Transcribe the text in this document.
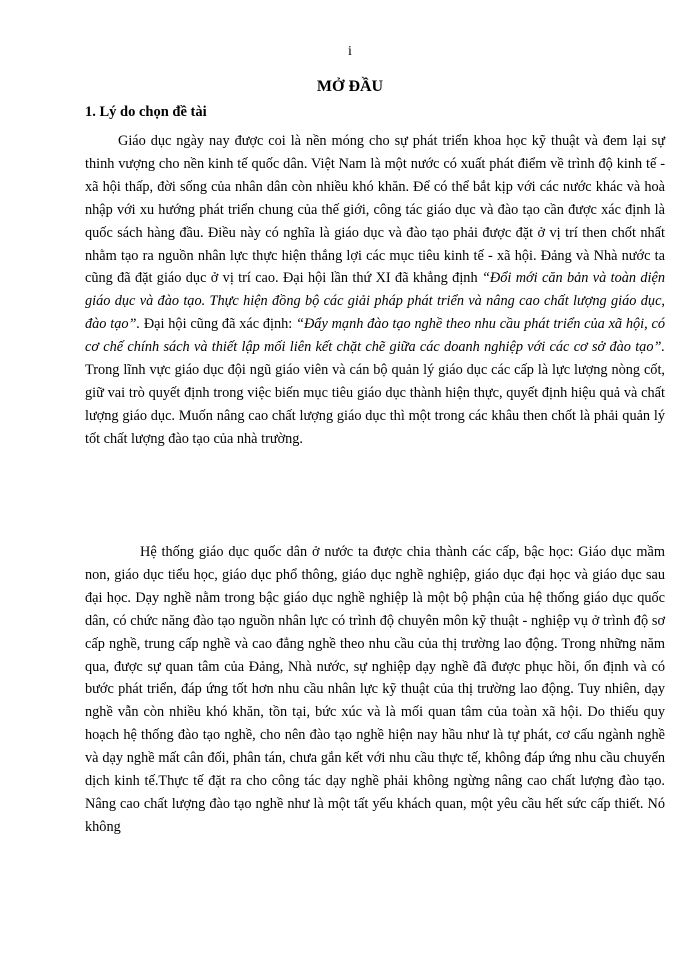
i
MỞ ĐẦU
1. Lý do chọn đề tài

Giáo dục ngày nay được coi là nền móng cho sự phát triển khoa học kỹ thuật và đem lại sự thinh vượng cho nền kinh tế quốc dân. Việt Nam là một nước có xuất phát điểm về trình độ kinh tế - xã hội thấp, đời sống của nhân dân còn nhiều khó khăn. Để có thể bắt kịp với các nước khác và hoà nhập với xu hướng phát triển chung của thế giới, công tác giáo dục và đào tạo cần được xác định là quốc sách hàng đầu. Điều này có nghĩa là giáo dục và đào tạo phải được đặt ở vị trí then chốt nhất nhằm tạo ra nguồn nhân lực thực hiện thắng lợi các mục tiêu kinh tế - xã hội. Đảng và Nhà nước ta cũng đã đặt giáo dục ở vị trí cao. Đại hội lần thứ XI đã khẳng định “Đổi mới căn bản và toàn diện giáo dục và đào tạo. Thực hiện đồng bộ các giải pháp phát triển và nâng cao chất lượng giáo dục, đào tạo”. Đại hội cũng đã xác định: “Đẩy mạnh đào tạo nghề theo nhu cầu phát triển của xã hội, có cơ chế chính sách và thiết lập mối liên kết chặt chẽ giữa các doanh nghiệp với các cơ sở đào tạo”. Trong lĩnh vực giáo dục đội ngũ giáo viên và cán bộ quản lý giáo dục các cấp là lực lượng nòng cốt, giữ vai trò quyết định trong việc biến mục tiêu giáo dục thành hiện thực, quyết định hiệu quả và chất lượng giáo dục. Muốn nâng cao chất lượng giáo dục thì một trong các khâu then chốt là phải quản lý tốt chất lượng đào tạo của nhà trường.

Hệ thống giáo dục quốc dân ở nước ta được chia thành các cấp, bậc học: Giáo dục mầm non, giáo dục tiểu học, giáo dục phổ thông, giáo dục nghề nghiệp, giáo dục đại học và giáo dục sau đại học. Dạy nghề nằm trong bậc giáo dục nghề nghiệp là một bộ phận của hệ thống giáo dục quốc dân, có chức năng đào tạo nguồn nhân lực có trình độ chuyên môn kỹ thuật - nghiệp vụ ở trình độ sơ cấp nghề, trung cấp nghề và cao đẳng nghề theo nhu cầu của thị trường lao động. Trong những năm qua, được sự quan tâm của Đảng, Nhà nước, sự nghiệp dạy nghề đã được phục hồi, ổn định và có bước phát triển, đáp ứng tốt hơn nhu cầu nhân lực kỹ thuật của thị trường lao động. Tuy nhiên, dạy nghề vẫn còn nhiều khó khăn, tồn tại, bức xúc và là mối quan tâm của toàn xã hội. Do thiếu quy hoạch hệ thống đào tạo nghề, cho nên đào tạo nghề hiện nay hầu như là tự phát, cơ cấu ngành nghề và dạy nghề mất cân đối, phân tán, chưa gắn kết với nhu cầu thực tế, không đáp ứng nhu cầu chuyển dịch kinh tế.Thực tế đặt ra cho công tác dạy nghề phải không ngừng nâng cao chất lượng đào tạo. Nâng cao chất lượng đào tạo nghề như là một tất yếu khách quan, một yêu cầu hết sức cấp thiết. Nó không
